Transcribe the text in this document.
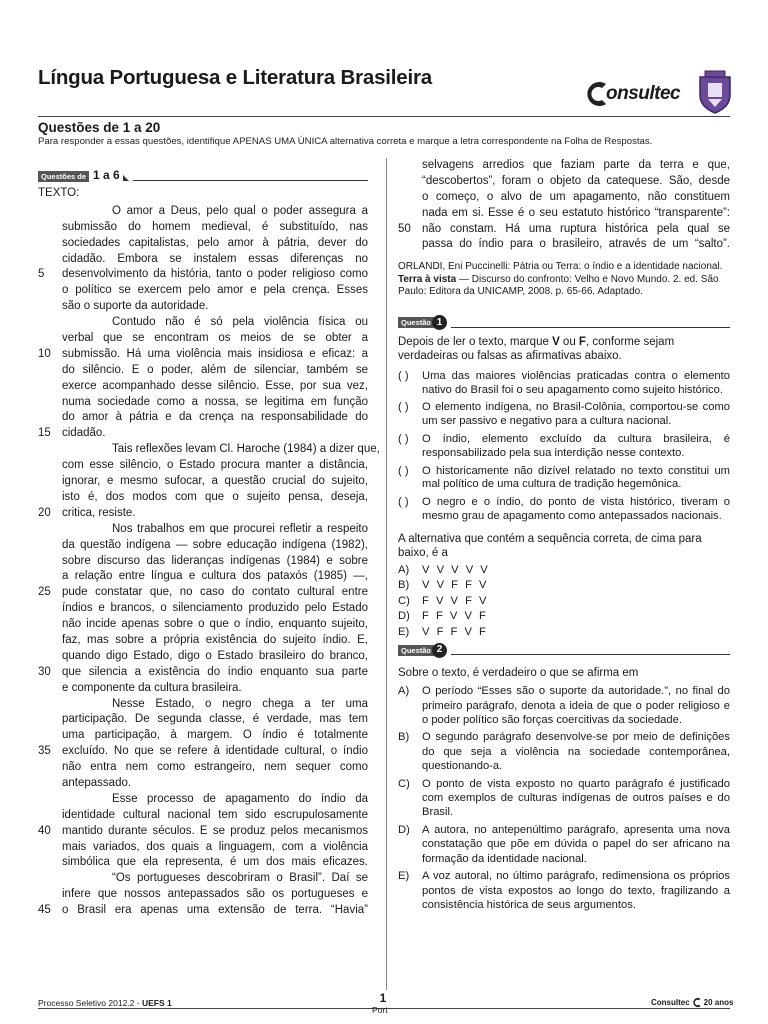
Língua Portuguesa e Literatura Brasileira
onsultec
Questões de 1 a 20
Para responder a essas questões, identifique APENAS UMA ÚNICA alternativa correta e marque a letra correspondente na Folha de Respostas.
Questões de 1 a 6
TEXTO:
O amor a Deus, pelo qual o poder assegura a
submissão do homem medieval, é substituído, nas
sociedades capitalistas, pelo amor à pátria, dever do
cidadão. Embora se instalem essas diferenças no
5	desenvolvimento da história, tanto o poder religioso como
o político se exercem pelo amor e pela crença. Esses
são o suporte da autoridade.
Contudo não é só pela violência física ou
verbal que se encontram os meios de se obter a
10 submissão. Há uma violência mais insidiosa e eficaz: a
do silêncio. E o poder, além de silenciar, também se
exerce acompanhado desse silêncio. Esse, por sua vez,
numa sociedade como a nossa, se legitima em função
do amor à pátria e da crença na responsabilidade do
15 cidadão.
Tais reflexões levam Cl. Haroche (1984) a dizer que,
com esse silêncio, o Estado procura manter a distância,
ignorar, e mesmo sufocar, a questão crucial do sujeito,
isto é, dos modos com que o sujeito pensa, deseja,
20 critica, resiste.
Nos trabalhos em que procurei refletir a respeito
da questão indígena — sobre educação indígena (1982),
sobre discurso das lideranças indígenas (1984) e sobre
a relação entre língua e cultura dos pataxós (1985) —,
25 pude constatar que, no caso do contato cultural entre
índios e brancos, o silenciamento produzido pelo Estado
não incide apenas sobre o que o índio, enquanto sujeito,
faz, mas sobre a própria existência do sujeito índio. E,
quando digo Estado, digo o Estado brasileiro do branco,
30 que silencia a existência do índio enquanto sua parte
e componente da cultura brasileira.
Nesse Estado, o negro chega a ter uma
participação. De segunda classe, é verdade, mas tem
uma participação, à margem. O índio é totalmente
35 excluído. No que se refere à identidade cultural, o índio
não entra nem como estrangeiro, nem sequer como
antepassado.
Esse processo de apagamento do índio da
identidade cultural nacional tem sido escrupulosamente
40 mantido durante séculos. E se produz pelos mecanismos
mais variados, dos quais a linguagem, com a violência
simbólica que ela representa, é um dos mais eficazes.
“Os portugueses descobriram o Brasil”. Daí se
infere que nossos antepassados são os portugueses e
45 o Brasil era apenas uma extensão de terra. “Havia”
selvagens arredios que faziam parte da terra e que,
“descobertos”, foram o objeto da catequese. São, desde
o começo, o alvo de um apagamento, não constituem
nada em si. Esse é o seu estatuto histórico “transparente”:
50 não constam. Há uma ruptura histórica pela qual se
passa do índio para o brasileiro, através de um “salto”.
ORLANDI, Eni Puccinelli: Pátria ou Terra: o índio e a identidade nacional.
Terra à vista — Discurso do confronto: Velho e Novo Mundo. 2. ed. São Paulo: Editora da UNICAMP, 2008. p. 65-66. Adaptado.
Questão 1

Depois de ler o texto, marque V ou F, conforme sejam verdadeiras ou falsas as afirmativas abaixo.

( )	Uma das maiores violências praticadas contra o elemento nativo do Brasil foi o seu apagamento como sujeito histórico.
( )	O elemento indígena, no Brasil-Colônia, comportou-se como um ser passivo e negativo para a cultura nacional.
( )	O índio, elemento excluído da cultura brasileira, é responsabilizado pela sua interdição nesse contexto.
( )	O historicamente não dizível relatado no texto constitui um mal político de uma cultura de tradição hegemônica.
( )	O negro e o índio, do ponto de vista histórico, tiveram o mesmo grau de apagamento como antepassados nacionais.

A alternativa que contém a sequência correta, de cima para baixo, é a

A)	V V V V V
B)	V V F F V
C)	F V V F V
D)	F F V V F
E)	V F F V F
Questão 2

Sobre o texto, é verdadeiro o que se afirma em

A)	O período “Esses são o suporte da autoridade.”, no final do primeiro parágrafo, denota a ideia de que o poder religioso e o poder político são forças coercitivas da sociedade.
B)	O segundo parágrafo desenvolve-se por meio de definições do que seja a violência na sociedade contemporânea, questionando-a.
C)	O ponto de vista exposto no quarto parágrafo é justificado com exemplos de culturas indígenas de outros países e do Brasil.
D)	A autora, no antepenúltimo parágrafo, apresenta uma nova constatação que põe em dúvida o papel do ser africano na formação da identidade nacional.
E)	A voz autoral, no último parágrafo, redimensiona os próprios pontos de vista expostos ao longo do texto, fragilizando a consistência histórica de seus argumentos.
Processo Seletivo 2012.2 - UEFS 1	1
Port
Consultec 20 anos
